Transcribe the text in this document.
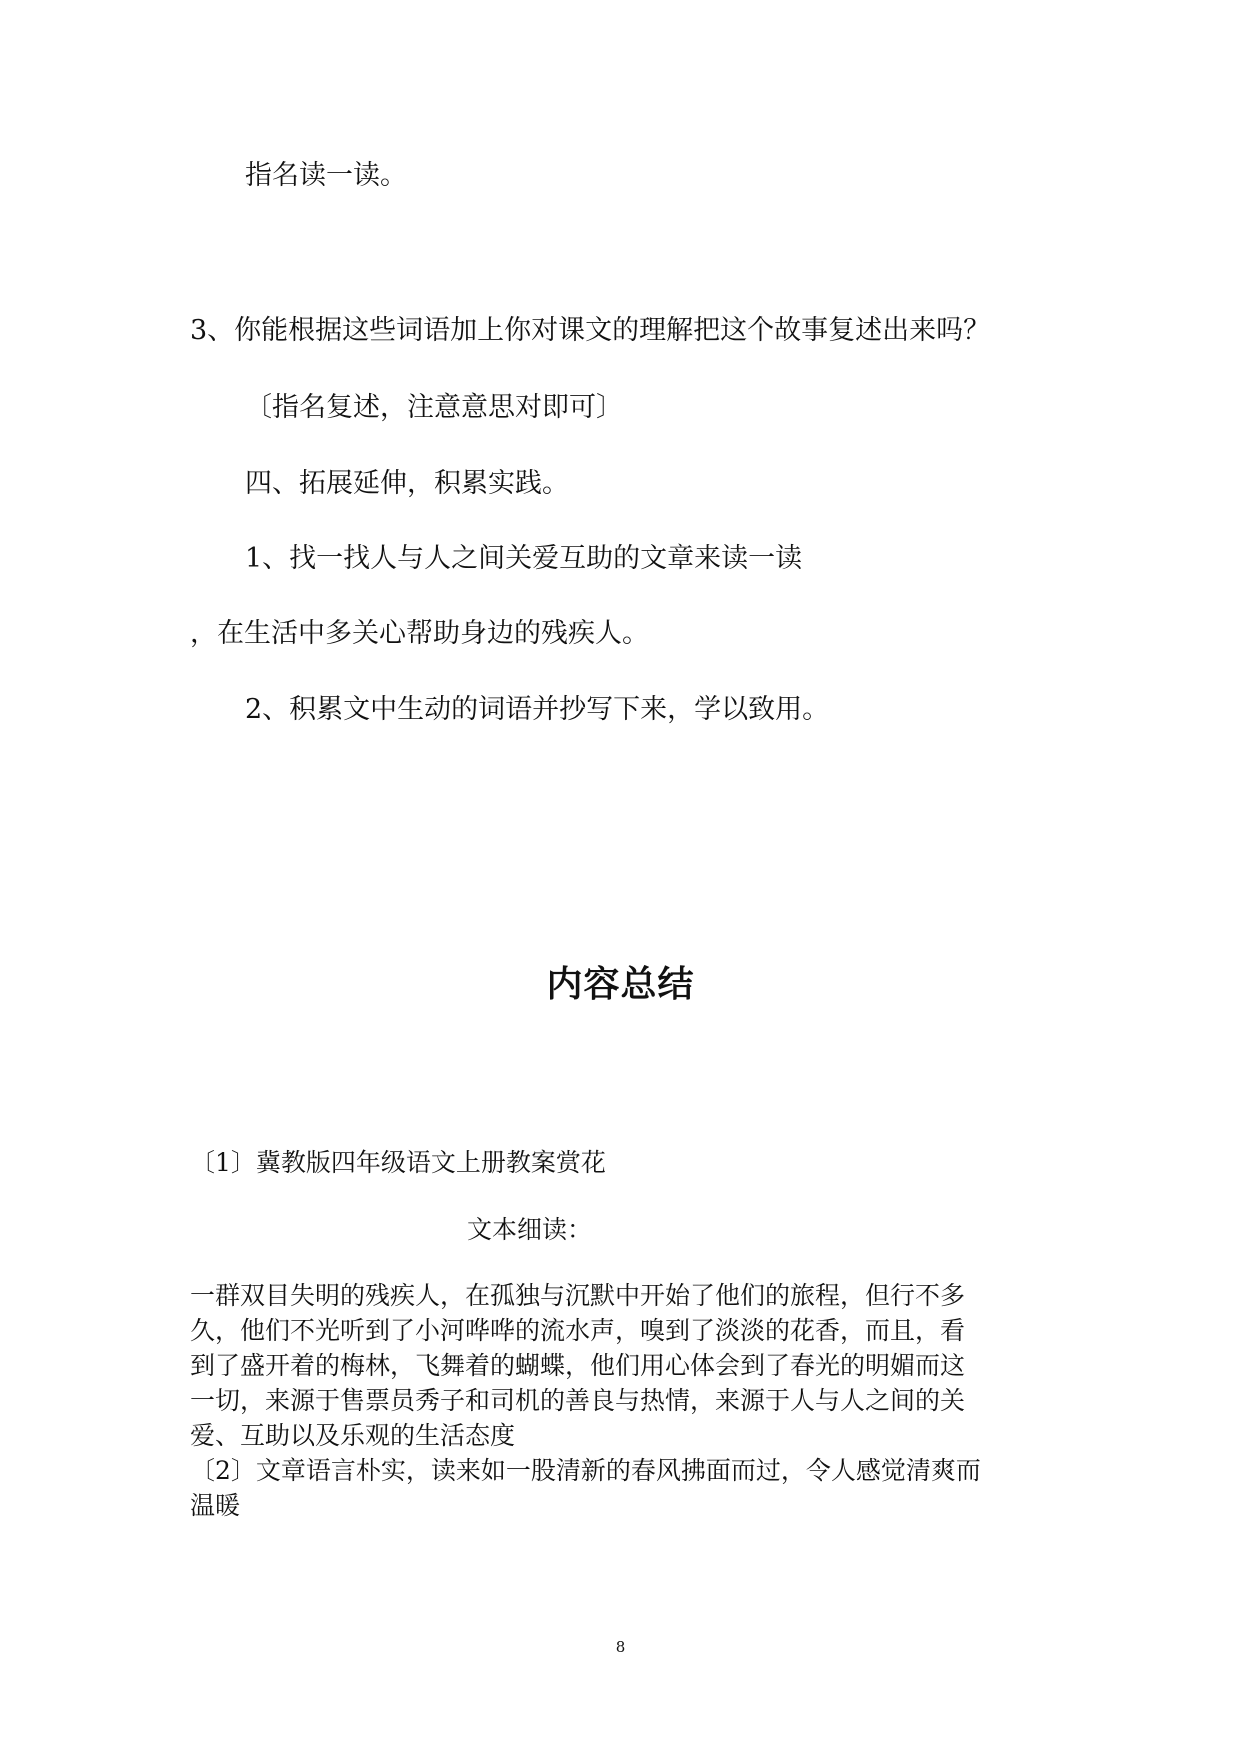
指名读一读。
3、你能根据这些词语加上你对课文的理解把这个故事复述出来吗？
〔指名复述，注意意思对即可〕
四、拓展延伸，积累实践。
1、找一找人与人之间关爱互助的文章来读一读
，在生活中多关心帮助身边的残疾人。
2、积累文中生动的词语并抄写下来，学以致用。
内容总结
〔1〕冀教版四年级语文上册教案赏花
文本细读：
一群双目失明的残疾人，在孤独与沉默中开始了他们的旅程，但行不多
久，他们不光听到了小河哗哗的流水声，嗅到了淡淡的花香，而且，看
到了盛开着的梅林，飞舞着的蝴蝶，他们用心体会到了春光的明媚而这
一切，来源于售票员秀子和司机的善良与热情，来源于人与人之间的关
爱、互助以及乐观的生活态度
〔2〕文章语言朴实，读来如一股清新的春风拂面而过，令人感觉清爽而
温暖
8
